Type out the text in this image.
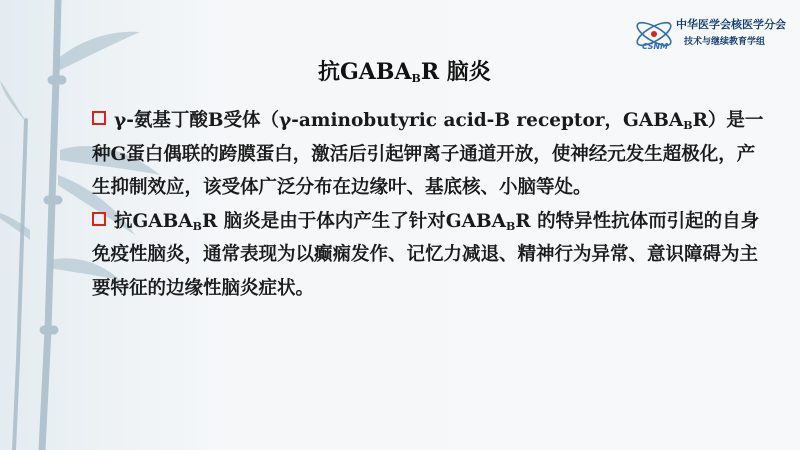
CSNM
中华医学会核医学分会
技术与继续教育学组
抗$GABA_BR$ 脑炎

γ-氨基丁酸B受体（γ-aminobutyric acid-B receptor，$GABA_BR$）是一种G蛋白偶联的跨膜蛋白，激活后引起钾离子通道开放，使神经元发生超极化，产生抑制效应，该受体广泛分布在边缘叶、基底核、小脑等处。

抗$GABA_BR$ 脑炎是由于体内产生了针对$GABA_BR$ 的特异性抗体而引起的自身免疫性脑炎，通常表现为以癫痫发作、记忆力减退、精神行为异常、意识障碍为主要特征的边缘性脑炎症状。
